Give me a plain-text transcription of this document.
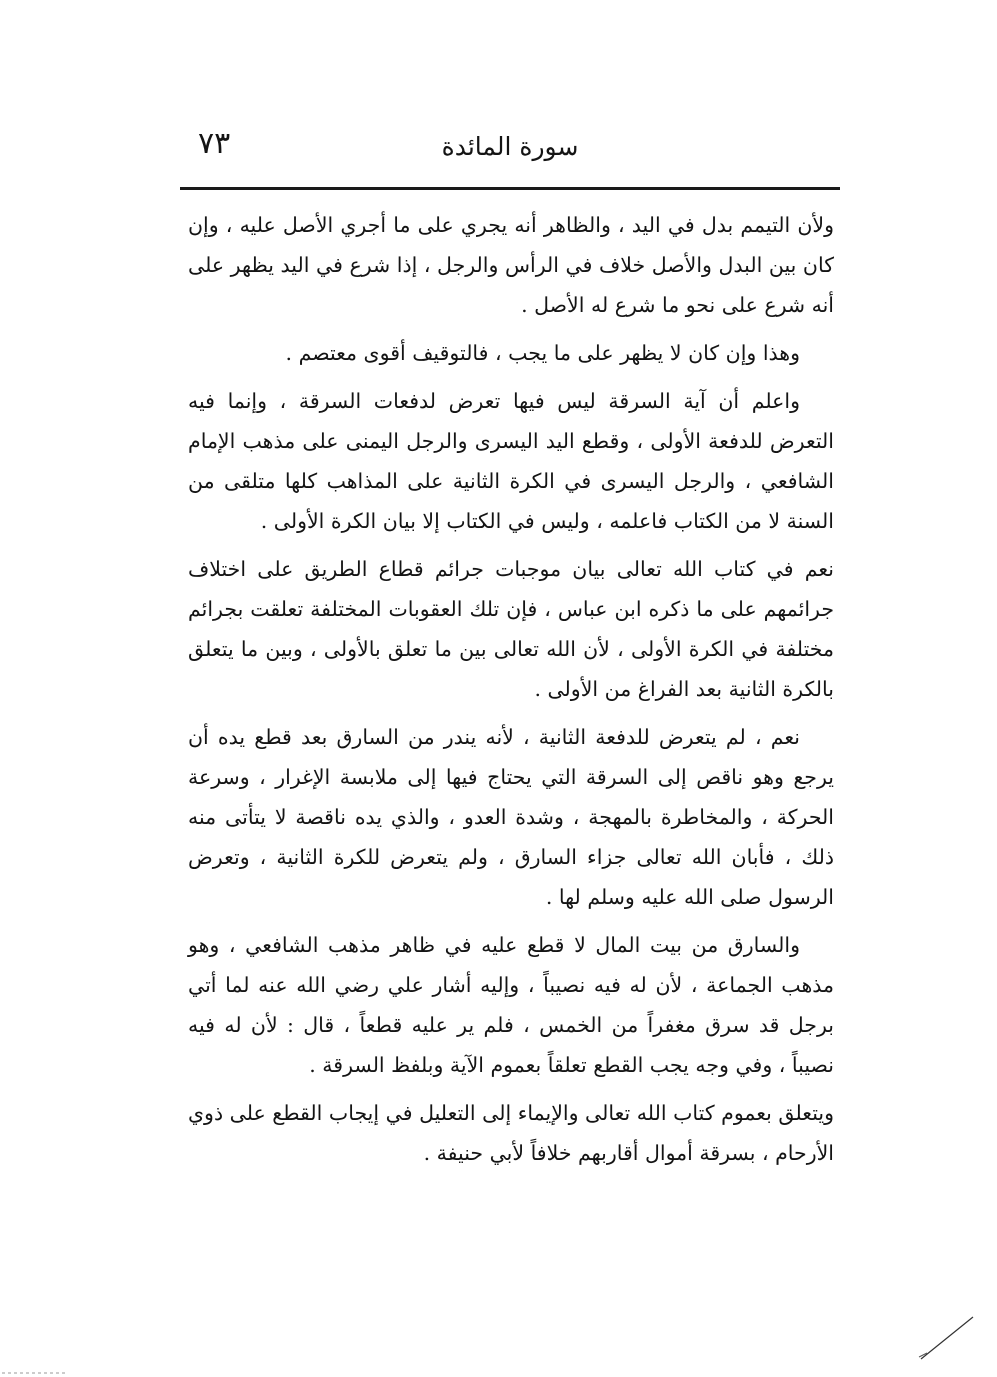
٧٣	سورة المائدة

ولأن التيمم بدل في اليد ، والظاهر أنه يجري على ما أجري الأصل عليه ، وإن كان بين البدل والأصل خلاف في الرأس والرجل ، إذا شرع في اليد يظهر على أنه شرع على نحو ما شرع له الأصل .

وهذا وإن كان لا يظهر على ما يجب ، فالتوقيف أقوى معتصم .

واعلم أن آية السرقة ليس فيها تعرض لدفعات السرقة ، وإنما فيه التعرض للدفعة الأولى ، وقطع اليد اليسرى والرجل اليمنى على مذهب الإمام الشافعي ، والرجل اليسرى في الكرة الثانية على المذاهب كلها متلقى من السنة لا من الكتاب فاعلمه ، وليس في الكتاب إلا بيان الكرة الأولى .

نعم في كتاب الله تعالى بيان موجبات جرائم قطاع الطريق على اختلاف جرائمهم على ما ذكره ابن عباس ، فإن تلك العقوبات المختلفة تعلقت بجرائم مختلفة في الكرة الأولى ، لأن الله تعالى بين ما تعلق بالأولى ، وبين ما يتعلق بالكرة الثانية بعد الفراغ من الأولى .

نعم ، لم يتعرض للدفعة الثانية ، لأنه يندر من السارق بعد قطع يده أن يرجع وهو ناقص إلى السرقة التي يحتاج فيها إلى ملابسة الإغرار ، وسرعة الحركة ، والمخاطرة بالمهجة ، وشدة العدو ، والذي يده ناقصة لا يتأتى منه ذلك ، فأبان الله تعالى جزاء السارق ، ولم يتعرض للكرة الثانية ، وتعرض الرسول صلى الله عليه وسلم لها .

والسارق من بيت المال لا قطع عليه في ظاهر مذهب الشافعي ، وهو مذهب الجماعة ، لأن له فيه نصيباً ، وإليه أشار علي رضي الله عنه لما أتي برجل قد سرق مغفراً من الخمس ، فلم ير عليه قطعاً ، قال : لأن له فيه نصيباً ، وفي وجه يجب القطع تعلقاً بعموم الآية وبلفظ السرقة .

ويتعلق بعموم كتاب الله تعالى والإيماء إلى التعليل في إيجاب القطع على ذوي الأرحام ، بسرقة أموال أقاربهم خلافاً لأبي حنيفة .
